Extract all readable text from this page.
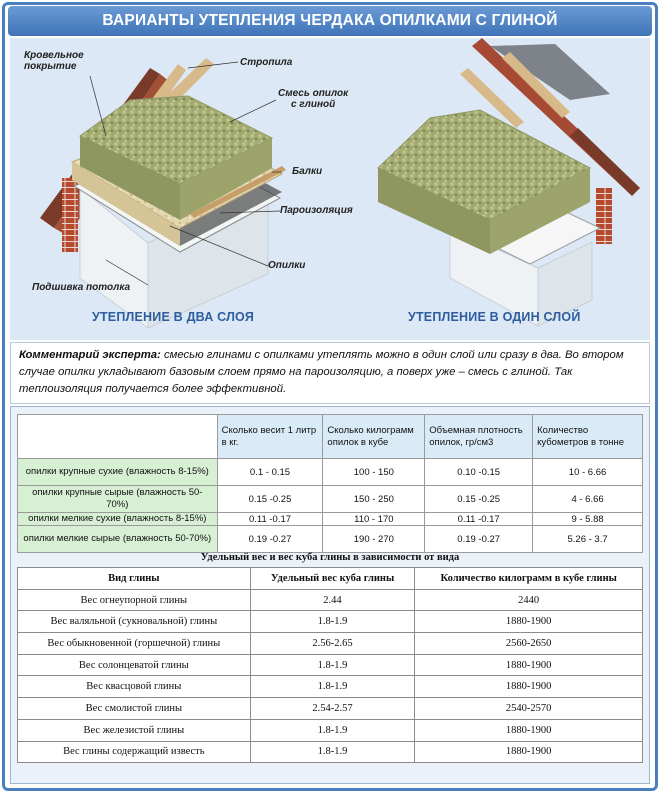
ВАРИАНТЫ УТЕПЛЕНИЯ ЧЕРДАКА ОПИЛКАМИ С ГЛИНОЙ
Кровельное
покрытие	Стропила
Смесь опилок
с глиной
Балки
Пароизоляция
Опилки
Подшивка потолка
УТЕПЛЕНИЕ В ДВА СЛОЯ	УТЕПЛЕНИЕ В ОДИН СЛОЙ
Комментарий эксперта: смесью глинами с опилками утеплять можно в один слой или сразу в два. Во втором случае опилки укладывают базовым слоем прямо на пароизоляцию, а поверх уже – смесь с глиной. Так теплоизоляция получается более эффективной.
	Сколько весит 1 литр в кг.	Сколько килограмм опилок в кубе	Объемная плотность опилок, гр/см3	Количество кубометров в тонне
опилки крупные сухие (влажность 8-15%)	0.1 - 0.15	100 - 150	0.10 -0.15	10 - 6.66
опилки крупные сырые (влажность 50-70%)	0.15 -0.25	150 - 250	0.15 -0.25	4 - 6.66
опилки мелкие сухие (влажность 8-15%)	0.11 -0.17	110 - 170	0.11 -0.17	9 - 5.88
опилки мелкие сырые (влажность 50-70%)	0.19 -0.27	190 - 270	0.19 -0.27	5.26 - 3.7
Удельный вес и вес куба глины в зависимости от вида
Вид глины	Удельный вес куба глины	Количество килограмм в кубе глины
Вес огнеупорной глины	2.44	2440
Вес валяльной (сукновальной) глины	1.8-1.9	1880-1900
Вес обыкновенной (горшечной) глины	2.56-2.65	2560-2650
Вес солонцеватой глины	1.8-1.9	1880-1900
Вес квасцовой глины	1.8-1.9	1880-1900
Вес смолистой глины	2.54-2.57	2540-2570
Вес железистой глины	1.8-1.9	1880-1900
Вес глины содержащий известь	1.8-1.9	1880-1900
